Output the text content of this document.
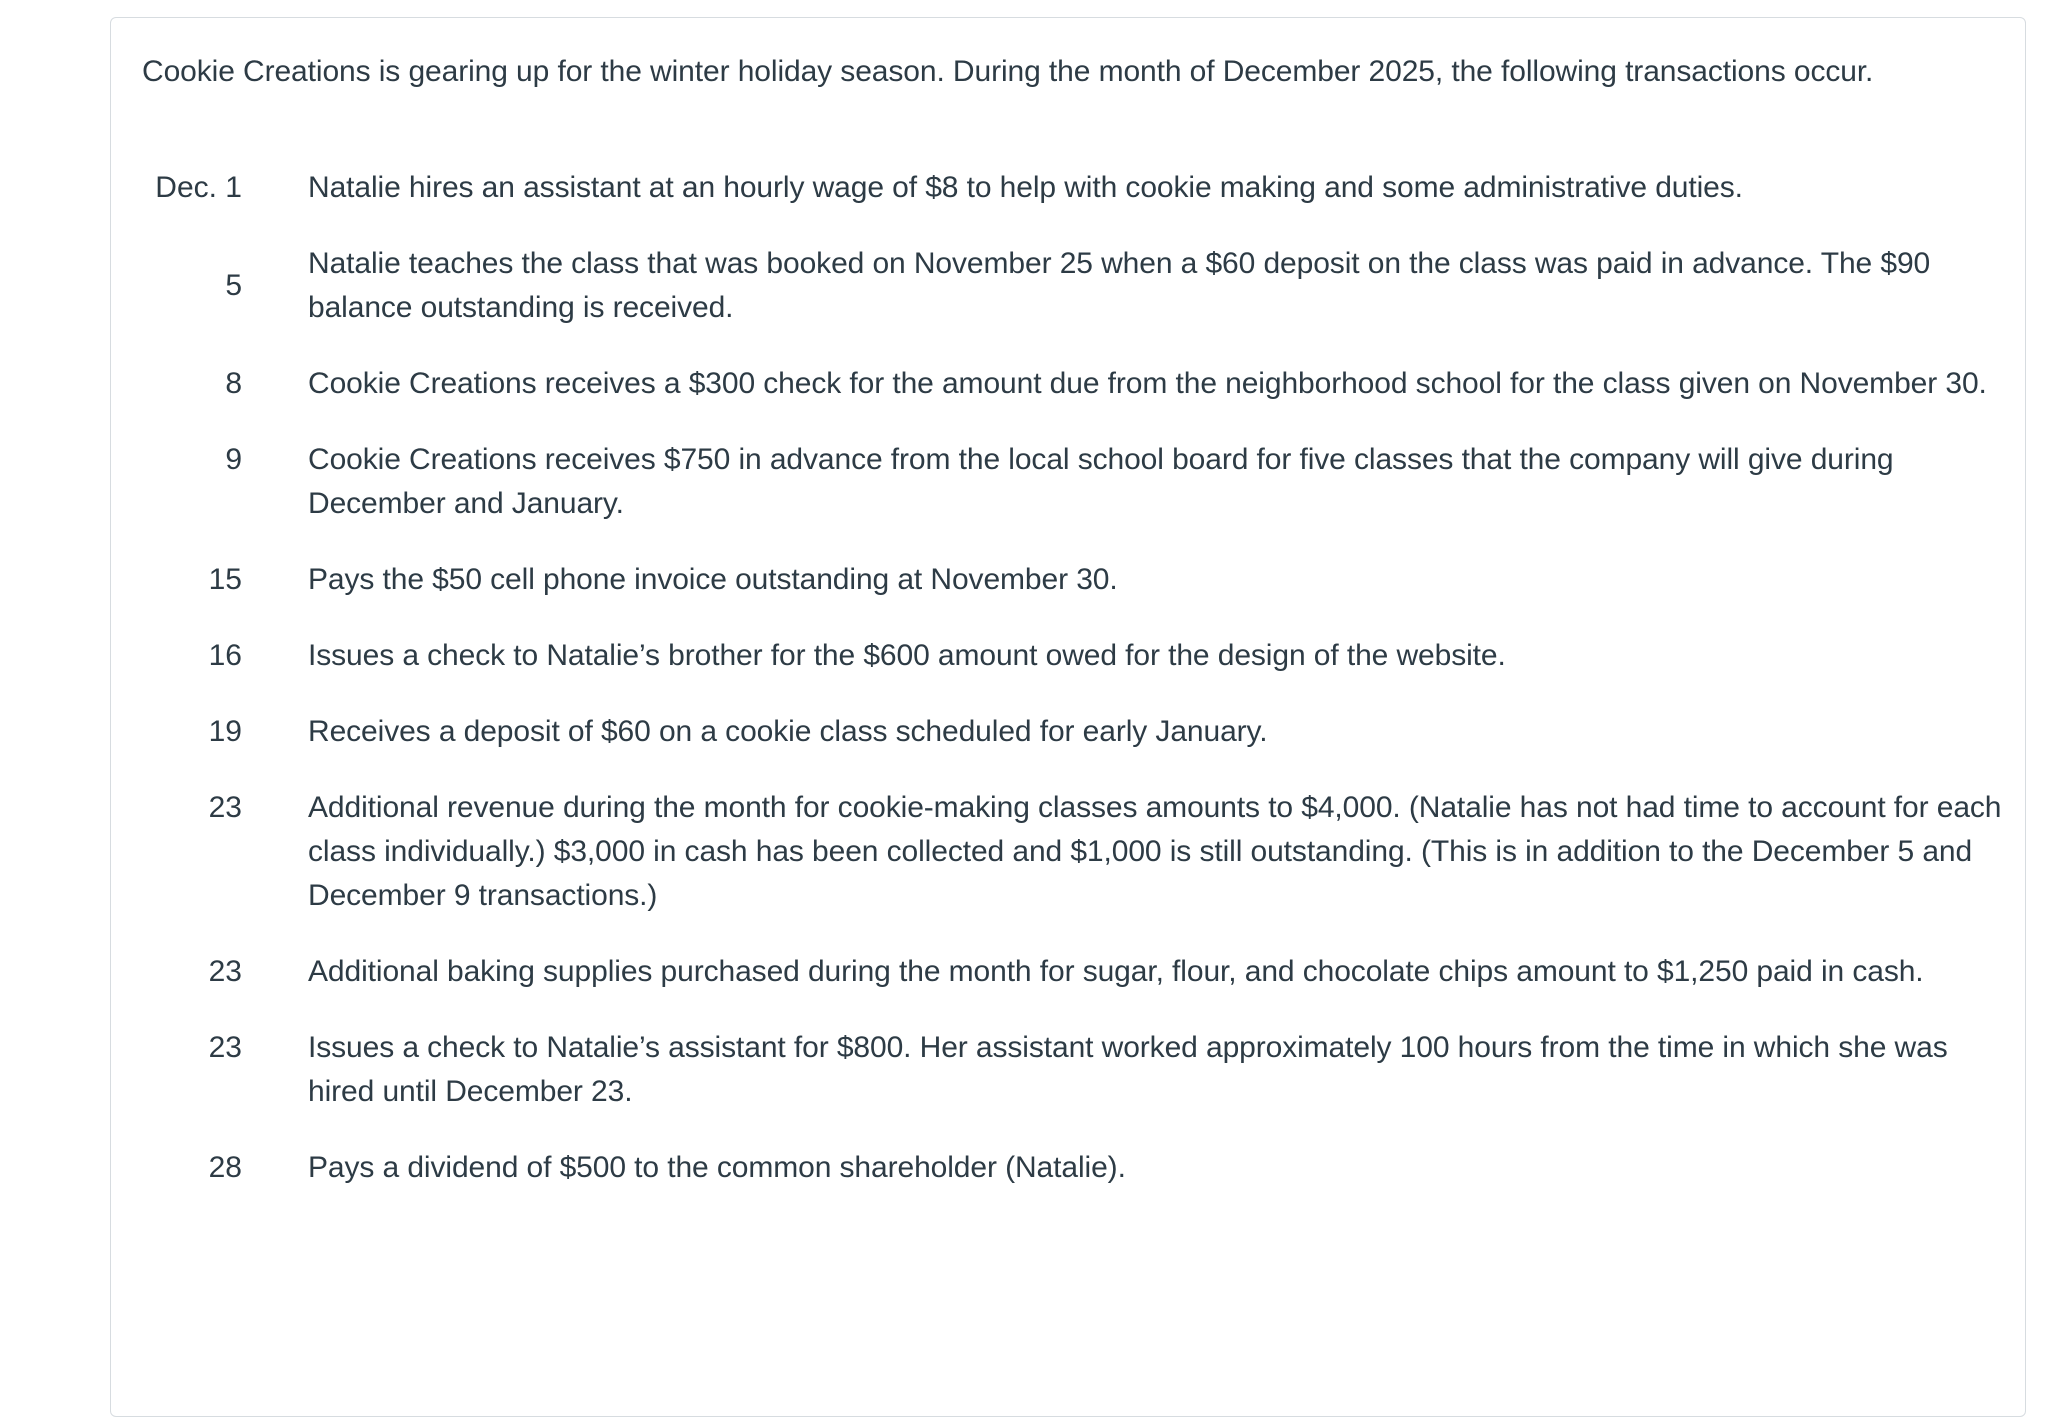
Cookie Creations is gearing up for the winter holiday season. During the month of December 2025, the following transactions occur.
Dec. 1	Natalie hires an assistant at an hourly wage of $8 to help with cookie making and some administrative duties.
5	Natalie teaches the class that was booked on November 25 when a $60 deposit on the class was paid in advance. The $90 balance outstanding is received.
8	Cookie Creations receives a $300 check for the amount due from the neighborhood school for the class given on November 30.
9	Cookie Creations receives $750 in advance from the local school board for five classes that the company will give during December and January.
15	Pays the $50 cell phone invoice outstanding at November 30.
16	Issues a check to Natalie’s brother for the $600 amount owed for the design of the website.
19	Receives a deposit of $60 on a cookie class scheduled for early January.
23	Additional revenue during the month for cookie-making classes amounts to $4,000. (Natalie has not had time to account for each class individually.) $3,000 in cash has been collected and $1,000 is still outstanding. (This is in addition to the December 5 and December 9 transactions.)
23	Additional baking supplies purchased during the month for sugar, flour, and chocolate chips amount to $1,250 paid in cash.
23	Issues a check to Natalie’s assistant for $800. Her assistant worked approximately 100 hours from the time in which she was hired until December 23.
28	Pays a dividend of $500 to the common shareholder (Natalie).
